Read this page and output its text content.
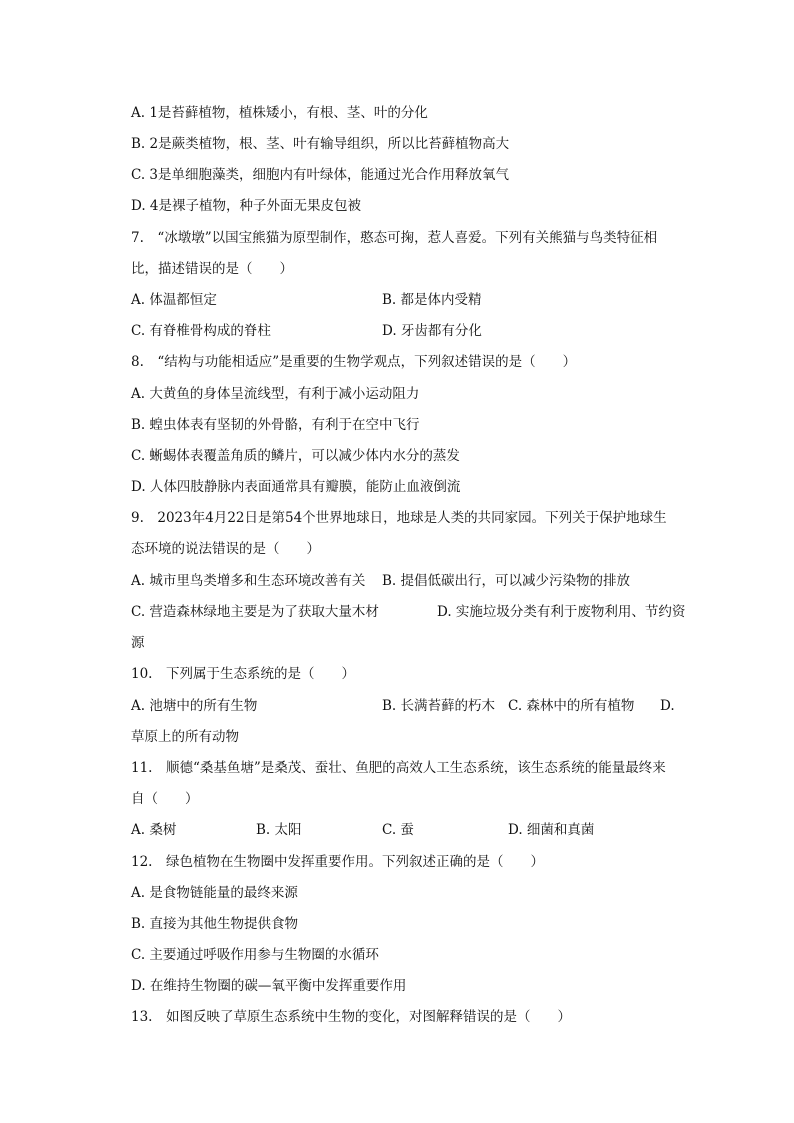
A. 1是苔藓植物，植株矮小，有根、茎、叶的分化
B. 2是蕨类植物，根、茎、叶有输导组织，所以比苔藓植物高大
C. 3是单细胞藻类，细胞内有叶绿体，能通过光合作用释放氧气
D. 4是裸子植物，种子外面无果皮包被
7.　“冰墩墩”以国宝熊猫为原型制作，憨态可掬，惹人喜爱。下列有关熊猫与鸟类特征相
比，描述错误的是（　　）
A. 体温都恒定	B. 都是体内受精
C. 有脊椎骨构成的脊柱	D. 牙齿都有分化
8.　“结构与功能相适应”是重要的生物学观点，下列叙述错误的是（　　）
A. 大黄鱼的身体呈流线型，有利于减小运动阻力
B. 蝗虫体表有坚韧的外骨骼，有利于在空中飞行
C. 蜥蜴体表覆盖角质的鳞片，可以减少体内水分的蒸发
D. 人体四肢静脉内表面通常具有瓣膜，能防止血液倒流
9.　2023年4月22日是第54个世界地球日，地球是人类的共同家园。下列关于保护地球生
态环境的说法错误的是（　　）
A. 城市里鸟类增多和生态环境改善有关 B. 提倡低碳出行，可以减少污染物的排放
C. 营造森林绿地主要是为了获取大量木材	D. 实施垃圾分类有利于废物利用、节约资
源
10.　下列属于生态系统的是（　　）
A. 池塘中的所有生物	B. 长满苔藓的朽木 C. 森林中的所有植物 D.
草原上的所有动物
11.　顺德“桑基鱼塘”是桑茂、蚕壮、鱼肥的高效人工生态系统，该生态系统的能量最终来
自（　　）
A. 桑树	B. 太阳	C. 蚕	D. 细菌和真菌
12.　绿色植物在生物圈中发挥重要作用。下列叙述正确的是（　　）
A. 是食物链能量的最终来源
B. 直接为其他生物提供食物
C. 主要通过呼吸作用参与生物圈的水循环
D. 在维持生物圈的碳—氧平衡中发挥重要作用
13.　如图反映了草原生态系统中生物的变化，对图解释错误的是（　　）
